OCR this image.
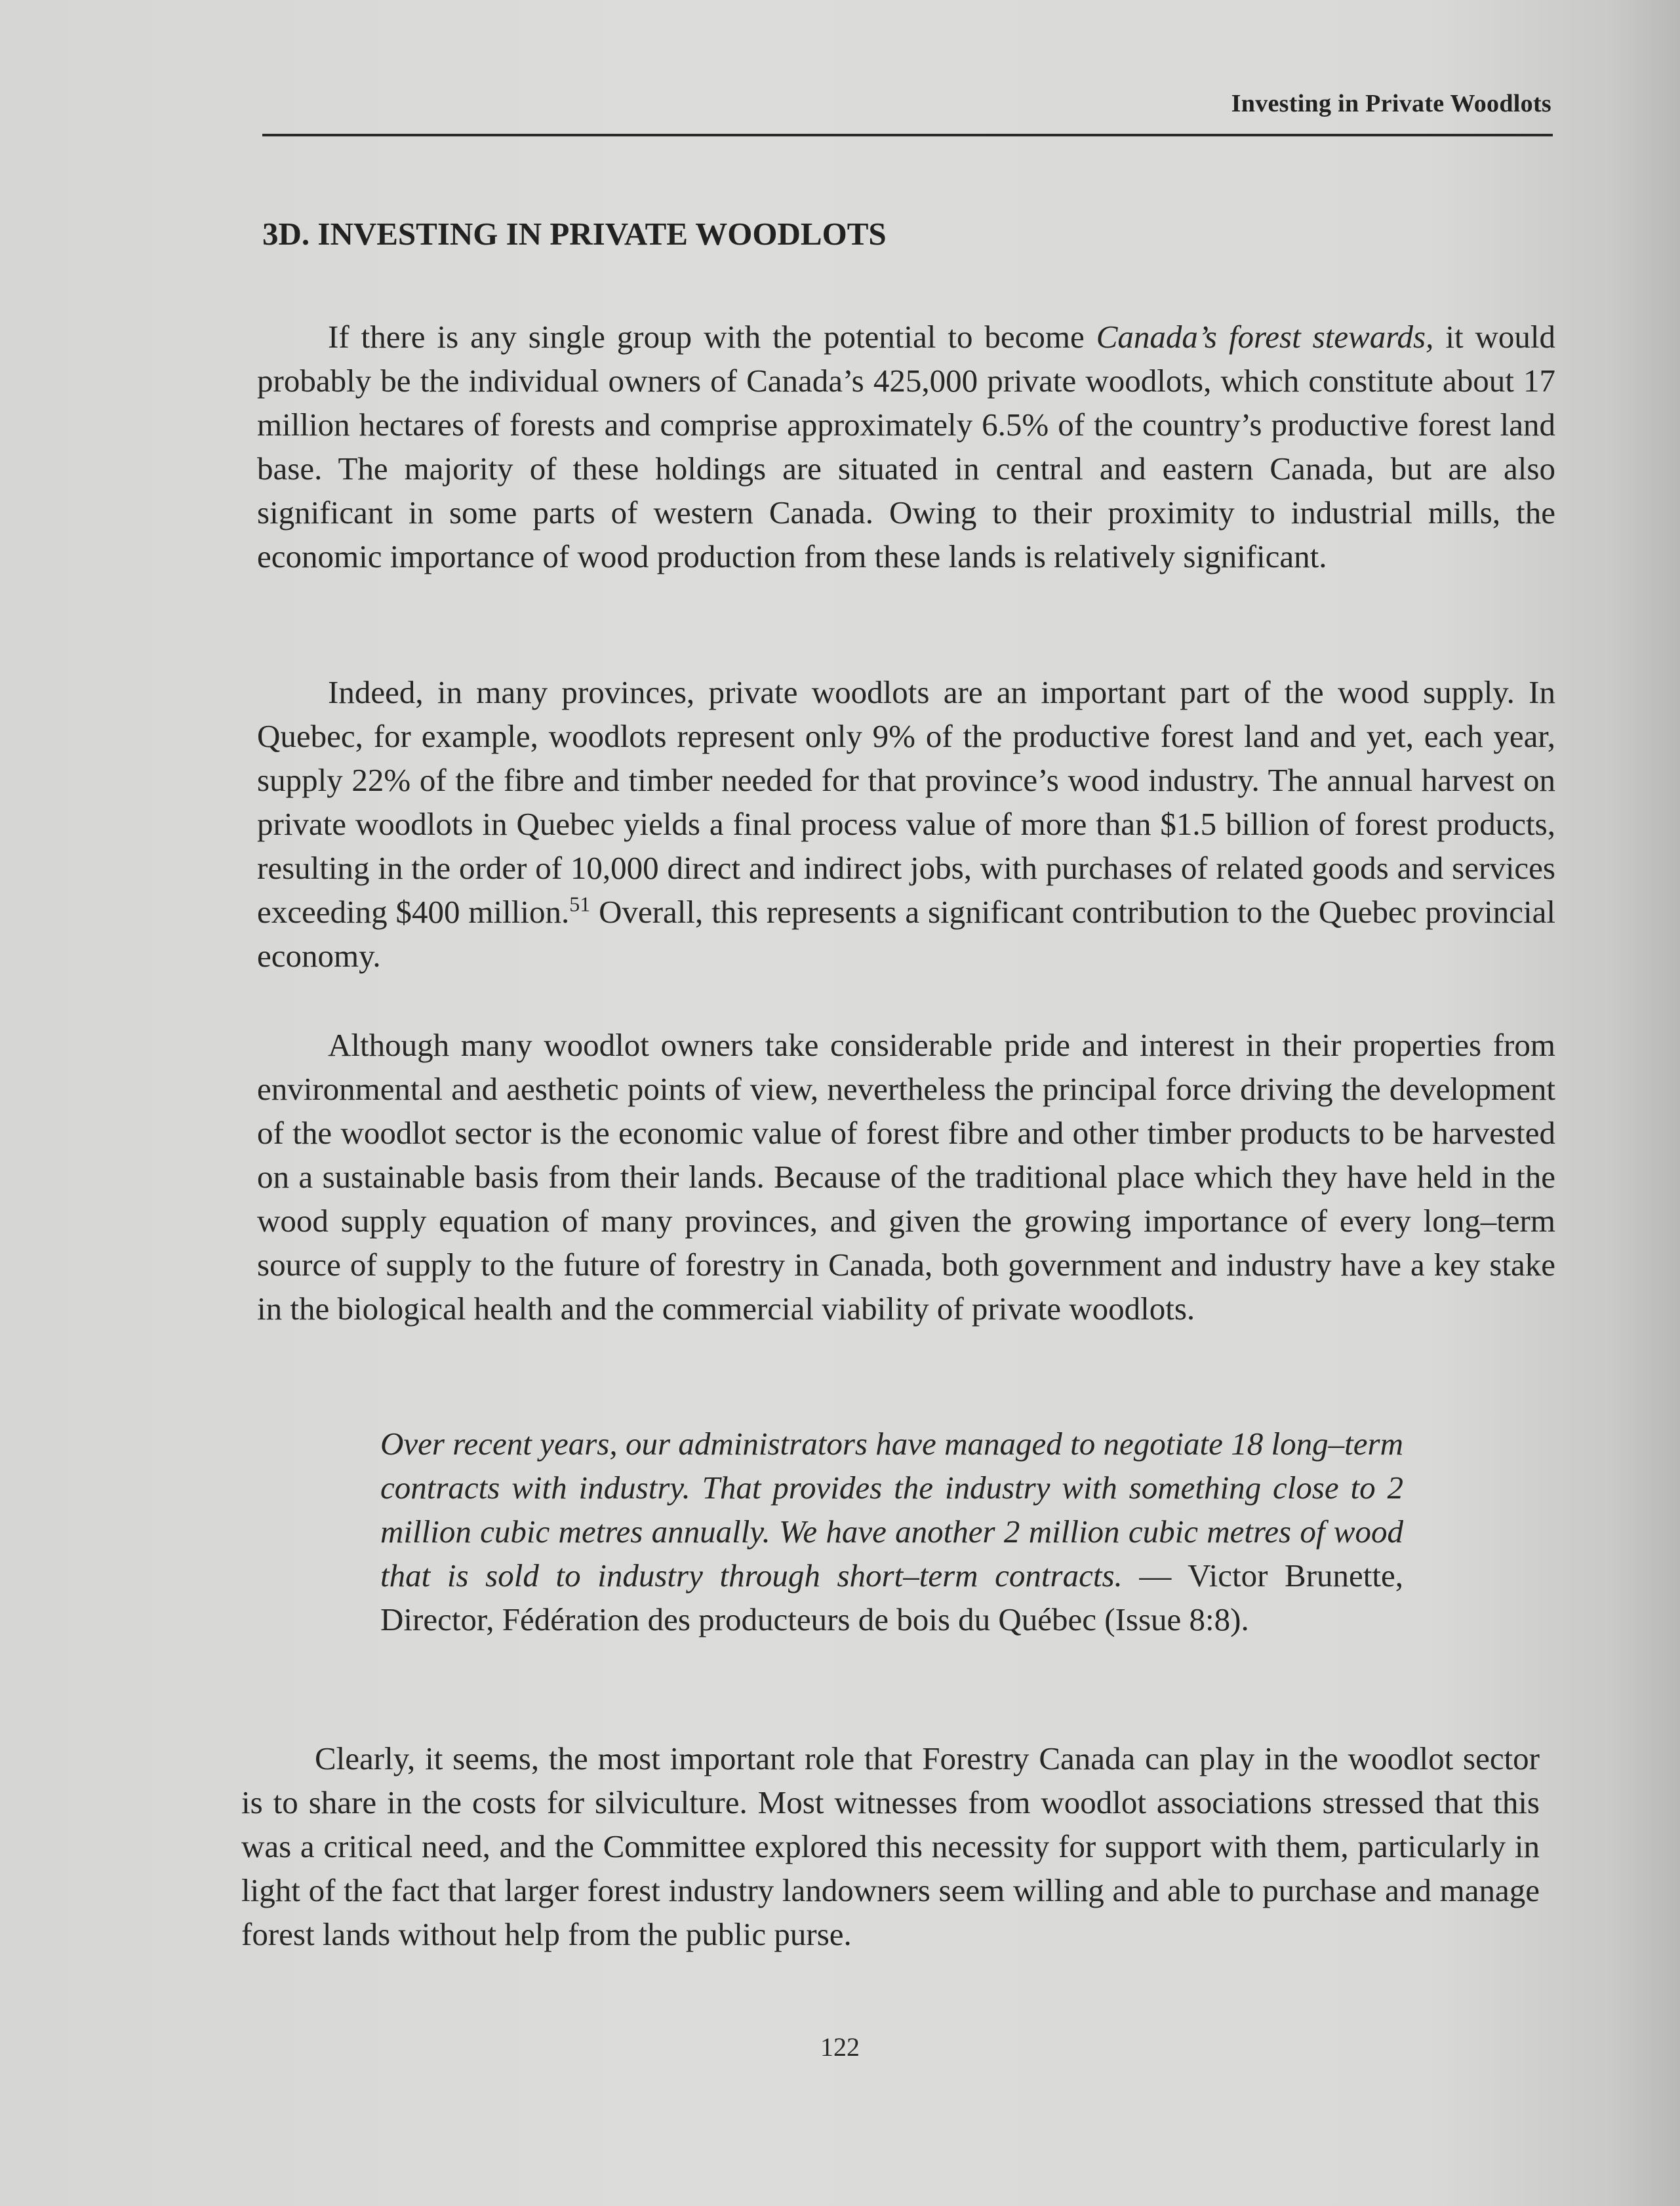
Investing in Private Woodlots
3D. INVESTING IN PRIVATE WOODLOTS

If there is any single group with the potential to become Canada’s forest stewards, it would probably be the individual owners of Canada’s 425,000 private woodlots, which constitute about 17 million hectares of forests and comprise approximately 6.5% of the country’s productive forest land base. The majority of these holdings are situated in central and eastern Canada, but are also significant in some parts of western Canada. Owing to their proximity to industrial mills, the economic importance of wood production from these lands is relatively significant.

Indeed, in many provinces, private woodlots are an important part of the wood supply. In Quebec, for example, woodlots represent only 9% of the productive forest land and yet, each year, supply 22% of the fibre and timber needed for that province’s wood industry. The annual harvest on private woodlots in Quebec yields a final process value of more than $1.5 billion of forest products, resulting in the order of 10,000 direct and indirect jobs, with purchases of related goods and services exceeding $400 million.$^{51}$ Overall, this represents a significant contribution to the Quebec provincial economy.

Although many woodlot owners take considerable pride and interest in their properties from environmental and aesthetic points of view, nevertheless the principal force driving the development of the woodlot sector is the economic value of forest fibre and other timber products to be harvested on a sustainable basis from their lands. Because of the traditional place which they have held in the wood supply equation of many provinces, and given the growing importance of every long–term source of supply to the future of forestry in Canada, both government and industry have a key stake in the biological health and the commercial viability of private woodlots.

Over recent years, our administrators have managed to negotiate 18 long–term contracts with industry. That provides the industry with something close to 2 million cubic metres annually. We have another 2 million cubic metres of wood that is sold to industry through short–term contracts. — Victor Brunette, Director, Fédération des producteurs de bois du Québec (Issue 8:8).

Clearly, it seems, the most important role that Forestry Canada can play in the woodlot sector is to share in the costs for silviculture. Most witnesses from woodlot associations stressed that this was a critical need, and the Committee explored this necessity for support with them, particularly in light of the fact that larger forest industry landowners seem willing and able to purchase and manage forest lands without help from the public purse.

122
